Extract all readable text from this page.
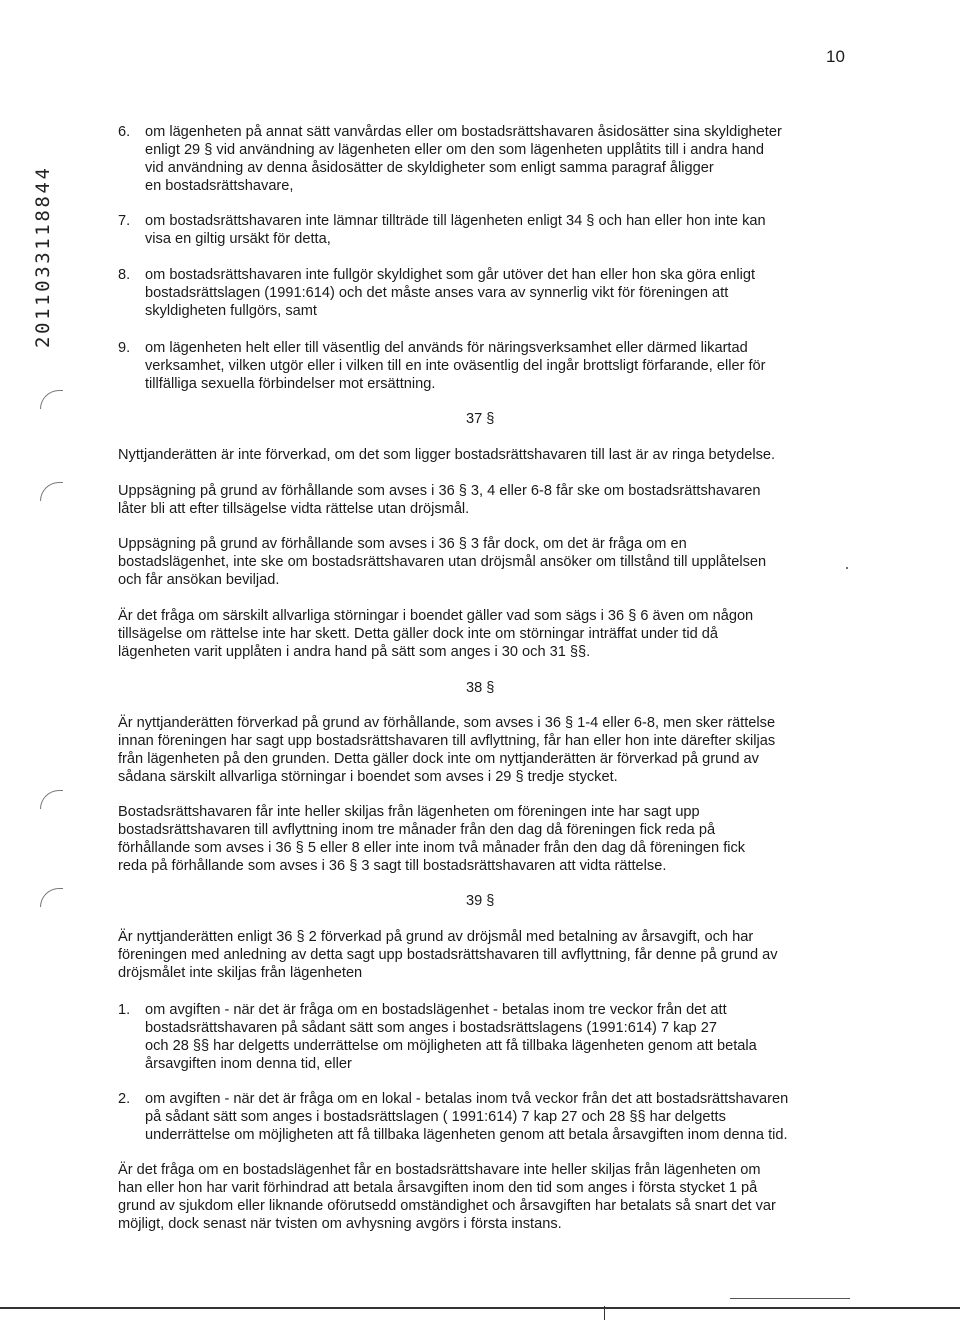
10
2011033118844
6. om lägenheten på annat sätt vanvårdas eller om bostadsrättshavaren åsidosätter sina skyldigheter
enligt 29 § vid användning av lägenheten eller om den som lägenheten upplåtits till i andra hand
vid användning av denna åsidosätter de skyldigheter som enligt samma paragraf åligger
en bostadsrättshavare,
7. om bostadsrättshavaren inte lämnar tillträde till lägenheten enligt 34 § och han eller hon inte kan
visa en giltig ursäkt för detta,
8. om bostadsrättshavaren inte fullgör skyldighet som går utöver det han eller hon ska göra enligt
bostadsrättslagen (1991:614) och det måste anses vara av synnerlig vikt för föreningen att
skyldigheten fullgörs, samt
9. om lägenheten helt eller till väsentlig del används för näringsverksamhet eller därmed likartad
verksamhet, vilken utgör eller i vilken till en inte oväsentlig del ingår brottsligt förfarande, eller för
tillfälliga sexuella förbindelser mot ersättning.
37 §
Nyttjanderätten är inte förverkad, om det som ligger bostadsrättshavaren till last är av ringa betydelse.
Uppsägning på grund av förhållande som avses i 36 § 3, 4 eller 6-8 får ske om bostadsrättshavaren
låter bli att efter tillsägelse vidta rättelse utan dröjsmål.
Uppsägning på grund av förhållande som avses i 36 § 3 får dock, om det är fråga om en
bostadslägenhet, inte ske om bostadsrättshavaren utan dröjsmål ansöker om tillstånd till upplåtelsen
och får ansökan beviljad.
Är det fråga om särskilt allvarliga störningar i boendet gäller vad som sägs i 36 § 6 även om någon
tillsägelse om rättelse inte har skett. Detta gäller dock inte om störningar inträffat under tid då
lägenheten varit upplåten i andra hand på sätt som anges i 30 och 31 §§.
38 §
Är nyttjanderätten förverkad på grund av förhållande, som avses i 36 § 1-4 eller 6-8, men sker rättelse
innan föreningen har sagt upp bostadsrättshavaren till avflyttning, får han eller hon inte därefter skiljas
från lägenheten på den grunden. Detta gäller dock inte om nyttjanderätten är förverkad på grund av
sådana särskilt allvarliga störningar i boendet som avses i 29 § tredje stycket.
Bostadsrättshavaren får inte heller skiljas från lägenheten om föreningen inte har sagt upp
bostadsrättshavaren till avflyttning inom tre månader från den dag då föreningen fick reda på
förhållande som avses i 36 § 5 eller 8 eller inte inom två månader från den dag då föreningen fick
reda på förhållande som avses i 36 § 3 sagt till bostadsrättshavaren att vidta rättelse.
39 §
Är nyttjanderätten enligt 36 § 2 förverkad på grund av dröjsmål med betalning av årsavgift, och har
föreningen med anledning av detta sagt upp bostadsrättshavaren till avflyttning, får denne på grund av
dröjsmålet inte skiljas från lägenheten
1. om avgiften - när det är fråga om en bostadslägenhet - betalas inom tre veckor från det att
bostadsrättshavaren på sådant sätt som anges i bostadsrättslagens (1991:614) 7 kap 27
och 28 §§ har delgetts underrättelse om möjligheten att få tillbaka lägenheten genom att betala
årsavgiften inom denna tid, eller
2. om avgiften - när det är fråga om en lokal - betalas inom två veckor från det att bostadsrättshavaren
på sådant sätt som anges i bostadsrättslagen ( 1991:614) 7 kap 27 och 28 §§ har delgetts
underrättelse om möjligheten att få tillbaka lägenheten genom att betala årsavgiften inom denna tid.
Är det fråga om en bostadslägenhet får en bostadsrättshavare inte heller skiljas från lägenheten om
han eller hon har varit förhindrad att betala årsavgiften inom den tid som anges i första stycket 1 på
grund av sjukdom eller liknande oförutsedd omständighet och årsavgiften har betalats så snart det var
möjligt, dock senast när tvisten om avhysning avgörs i första instans.
